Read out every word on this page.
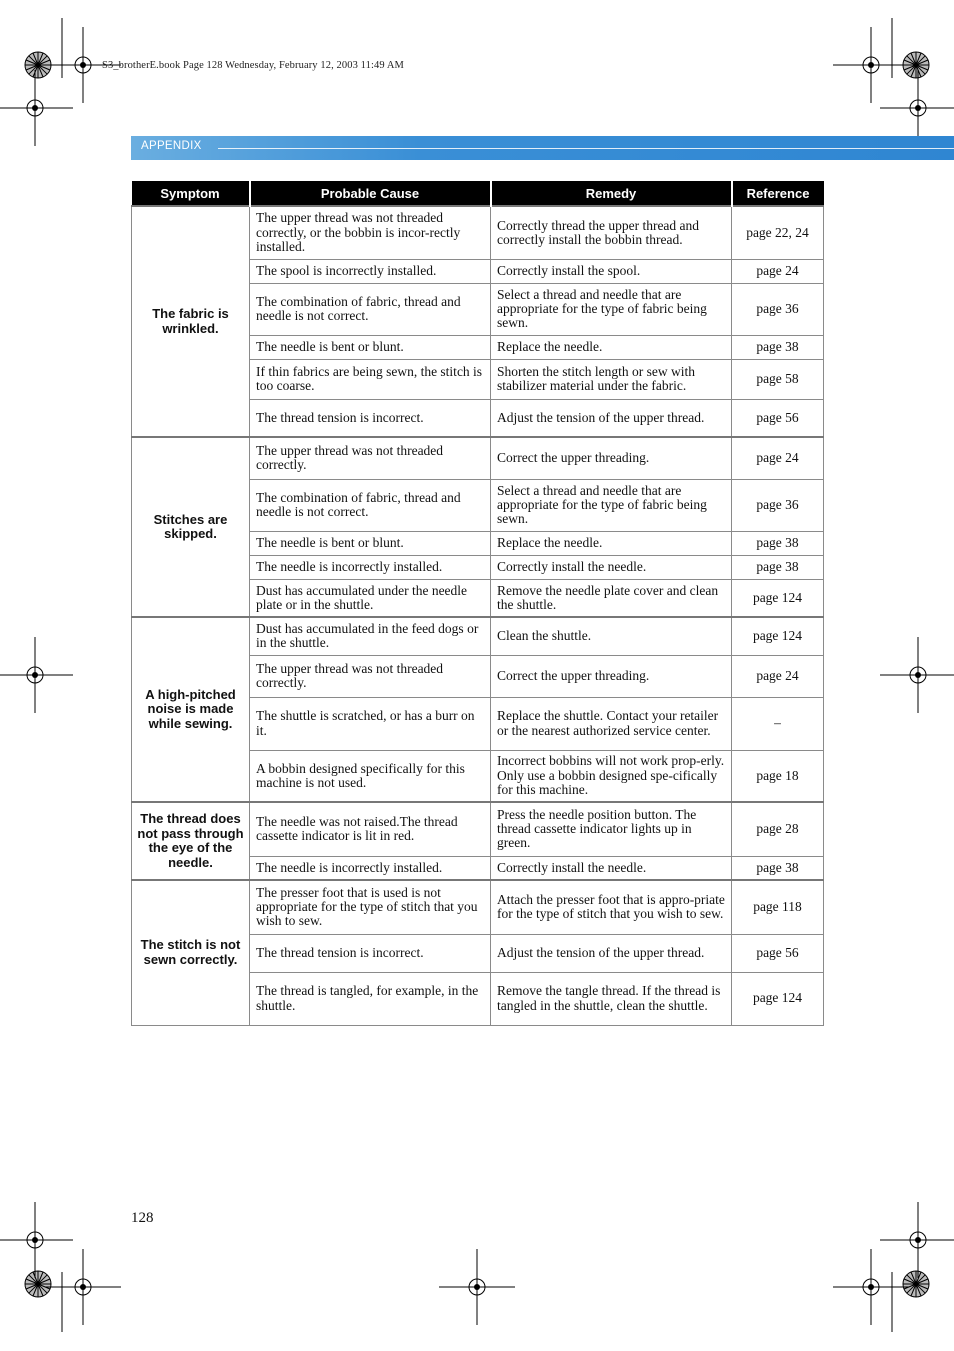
S3_brotherE.book Page 128 Wednesday, February 12, 2003 11:49 AM
APPENDIX
Symptom	Probable Cause	Remedy	Reference
The fabric is wrinkled.	The upper thread was not threaded correctly, or the bobbin is incor-rectly installed.	Correctly thread the upper thread and correctly install the bobbin thread.	page 22, 24
	The spool is incorrectly installed.	Correctly install the spool.	page 24
	The combination of fabric, thread and needle is not correct.	Select a thread and needle that are appropriate for the type of fabric being sewn.	page 36
	The needle is bent or blunt.	Replace the needle.	page 38
	If thin fabrics are being sewn, the stitch is too coarse.	Shorten the stitch length or sew with stabilizer material under the fabric.	page 58
	The thread tension is incorrect.	Adjust the tension of the upper thread.	page 56
Stitches are skipped.	The upper thread was not threaded correctly.	Correct the upper threading.	page 24
	The combination of fabric, thread and needle is not correct.	Select a thread and needle that are appropriate for the type of fabric being sewn.	page 36
	The needle is bent or blunt.	Replace the needle.	page 38
	The needle is incorrectly installed.	Correctly install the needle.	page 38
	Dust has accumulated under the needle plate or in the shuttle.	Remove the needle plate cover and clean the shuttle.	page 124
A high-pitched noise is made while sewing.	Dust has accumulated in the feed dogs or in the shuttle.	Clean the shuttle.	page 124
	The upper thread was not threaded correctly.	Correct the upper threading.	page 24
	The shuttle is scratched, or has a burr on it.	Replace the shuttle. Contact your retailer or the nearest authorized service center.	–
	A bobbin designed specifically for this machine is not used.	Incorrect bobbins will not work prop-erly. Only use a bobbin designed spe-cifically for this machine.	page 18
The thread does not pass through the eye of the needle.	The needle was not raised.The thread cassette indicator is lit in red.	Press the needle position button. The thread cassette indicator lights up in green.	page 28
	The needle is incorrectly installed.	Correctly install the needle.	page 38
The stitch is not sewn correctly.	The presser foot that is used is not appropriate for the type of stitch that you wish to sew.	Attach the presser foot that is appro-priate for the type of stitch that you wish to sew.	page 118
	The thread tension is incorrect.	Adjust the tension of the upper thread.	page 56
	The thread is tangled, for example, in the shuttle.	Remove the tangle thread. If the thread is tangled in the shuttle, clean the shuttle.	page 124
128
